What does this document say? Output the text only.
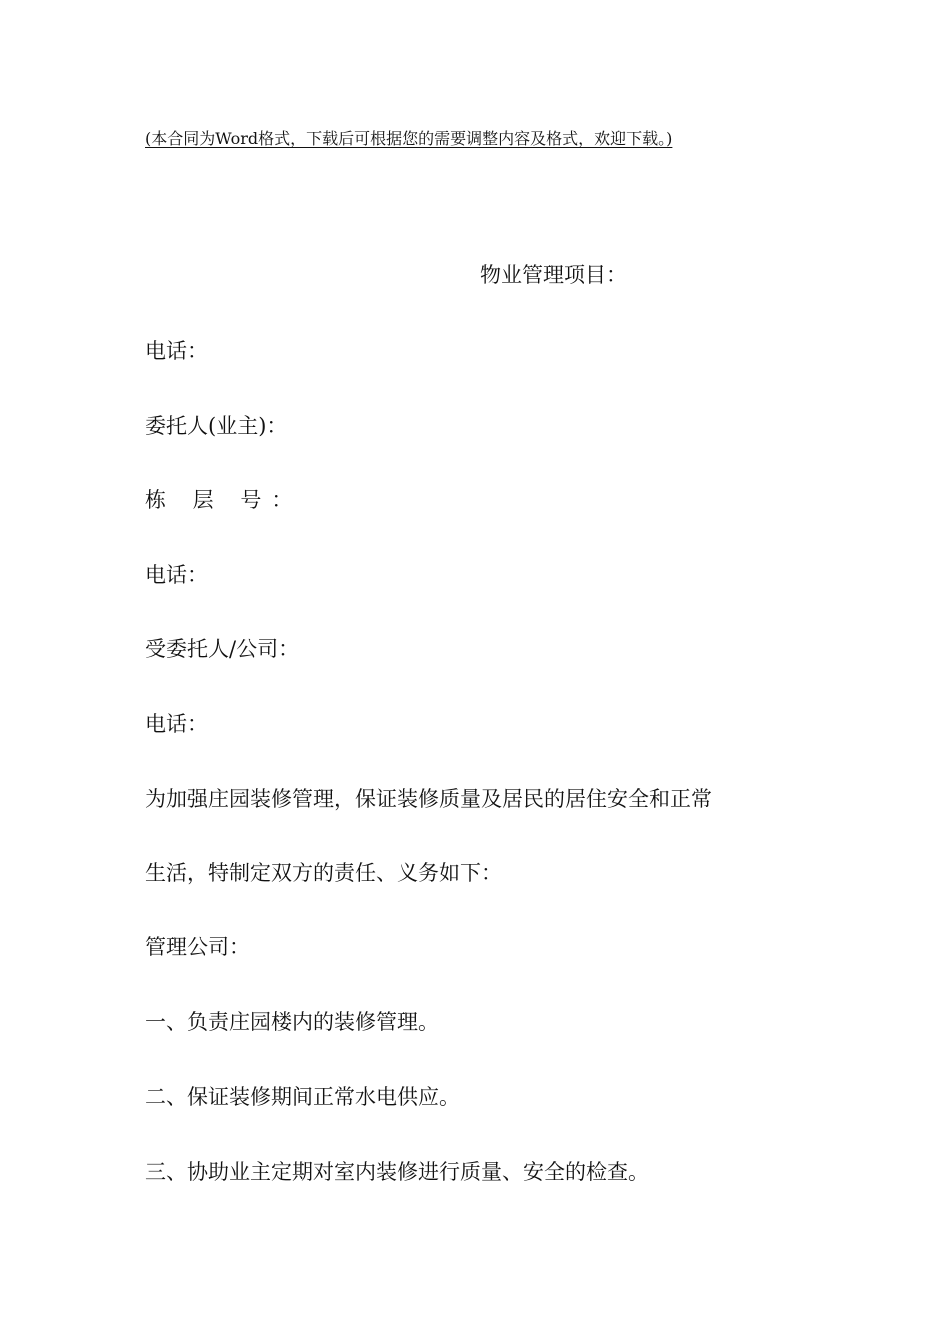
(本合同为Word格式，下载后可根据您的需要调整内容及格式，欢迎下载。)
物业管理项目：
电话：
委托人(业主)：
栋 层 号：
电话：
受委托人/公司：
电话：
为加强庄园装修管理，保证装修质量及居民的居住安全和正常
生活，特制定双方的责任、义务如下：
管理公司：
一、负责庄园楼内的装修管理。
二、保证装修期间正常水电供应。
三、协助业主定期对室内装修进行质量、安全的检查。
